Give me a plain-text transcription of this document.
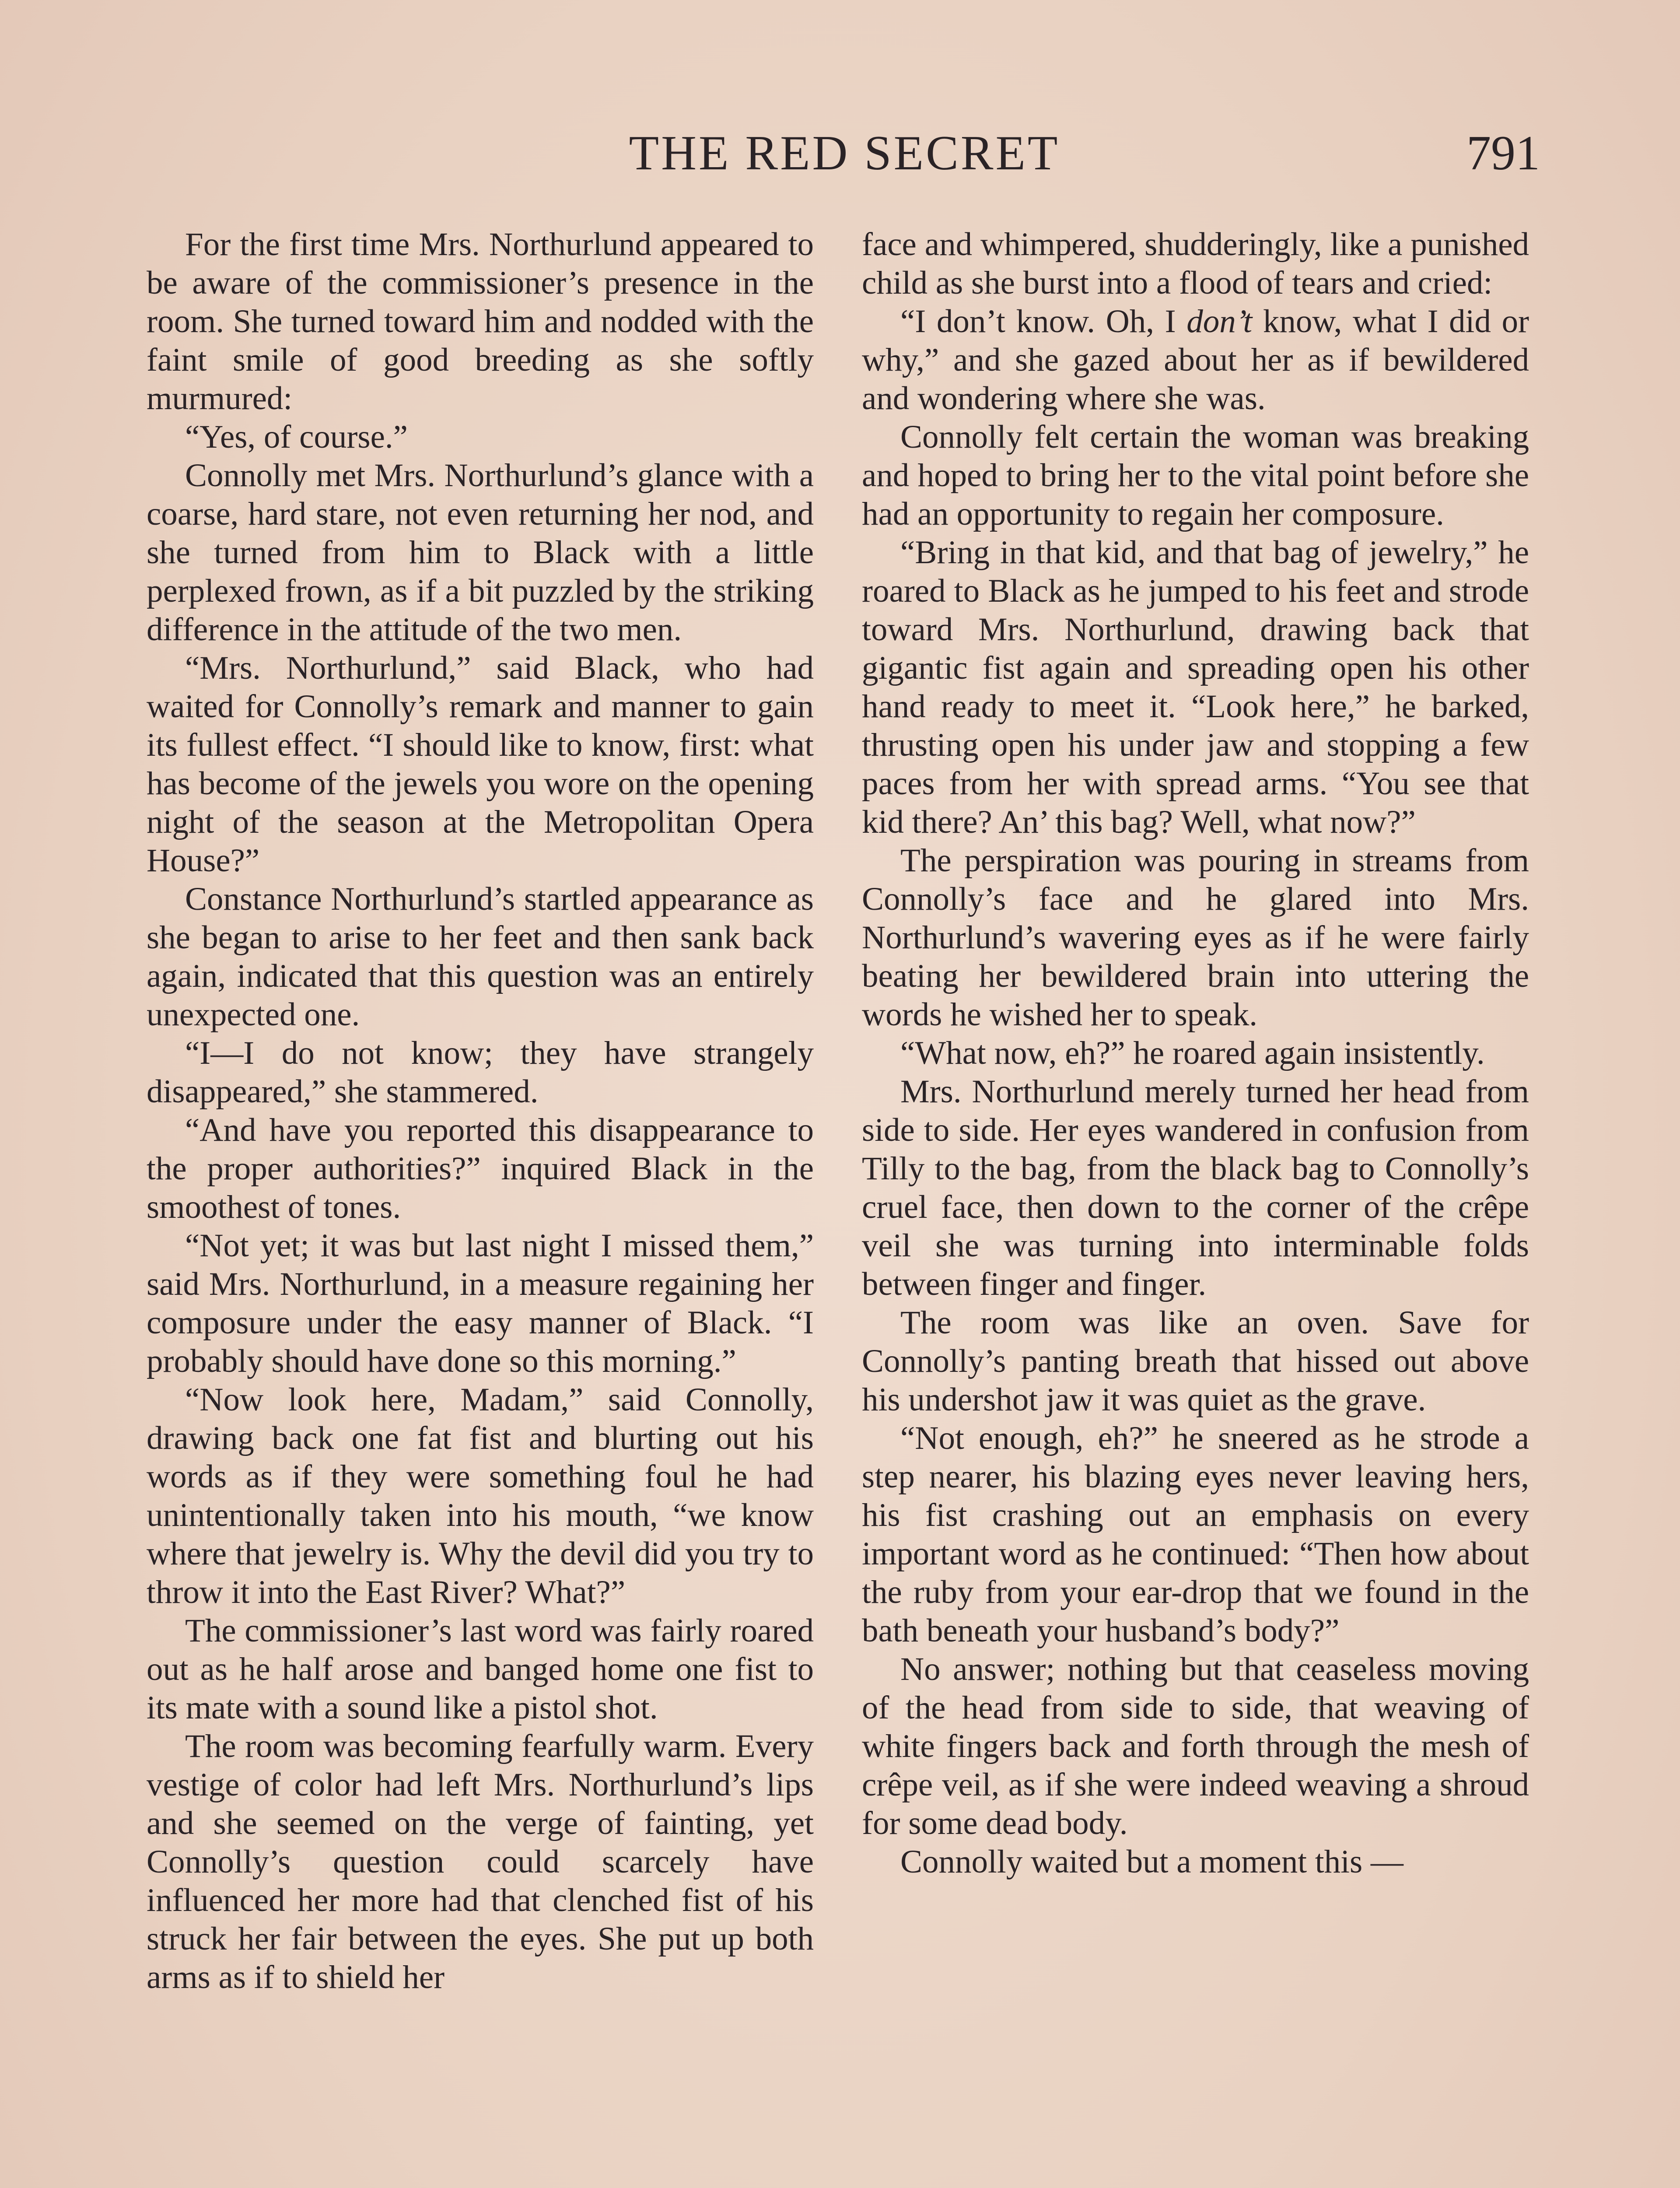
THE RED SECRET	791

For the first time Mrs. Northurlund appeared to be aware of the commissioner’s presence in the room. She turned toward him and nodded with the faint smile of good breeding as she softly murmured:

“Yes, of course.”

Connolly met Mrs. Northurlund’s glance with a coarse, hard stare, not even returning her nod, and she turned from him to Black with a little perplexed frown, as if a bit puzzled by the striking difference in the attitude of the two men.

“Mrs. Northurlund,” said Black, who had waited for Connolly’s remark and manner to gain its fullest effect. “I should like to know, first: what has become of the jewels you wore on the opening night of the season at the Metropolitan Opera House?”

Constance Northurlund’s startled appearance as she began to arise to her feet and then sank back again, indicated that this question was an entirely unexpected one.

“I—I do not know; they have strangely disappeared,” she stammered.

“And have you reported this disappearance to the proper authorities?” inquired Black in the smoothest of tones.

“Not yet; it was but last night I missed them,” said Mrs. Northurlund, in a measure regaining her composure under the easy manner of Black. “I probably should have done so this morning.”

“Now look here, Madam,” said Connolly, drawing back one fat fist and blurting out his words as if they were something foul he had unintentionally taken into his mouth, “we know where that jewelry is. Why the devil did you try to throw it into the East River? What?”

The commissioner’s last word was fairly roared out as he half arose and banged home one fist to its mate with a sound like a pistol shot.

The room was becoming fearfully warm. Every vestige of color had left Mrs. Northurlund’s lips and she seemed on the verge of fainting, yet Connolly’s question could scarcely have influenced her more had that clenched fist of his struck her fair between the eyes. She put up both arms as if to shield her

face and whimpered, shudderingly, like a punished child as she burst into a flood of tears and cried:

“I don’t know. Oh, I don’t know, what I did or why,” and she gazed about her as if bewildered and wondering where she was.

Connolly felt certain the woman was breaking and hoped to bring her to the vital point before she had an opportunity to regain her composure.

“Bring in that kid, and that bag of jewelry,” he roared to Black as he jumped to his feet and strode toward Mrs. Northurlund, drawing back that gigantic fist again and spreading open his other hand ready to meet it. “Look here,” he barked, thrusting open his under jaw and stopping a few paces from her with spread arms. “You see that kid there? An’ this bag? Well, what now?”

The perspiration was pouring in streams from Connolly’s face and he glared into Mrs. Northurlund’s wavering eyes as if he were fairly beating her bewildered brain into uttering the words he wished her to speak.

“What now, eh?” he roared again insistently.

Mrs. Northurlund merely turned her head from side to side. Her eyes wandered in confusion from Tilly to the bag, from the black bag to Connolly’s cruel face, then down to the corner of the crêpe veil she was turning into interminable folds between finger and finger.

The room was like an oven. Save for Connolly’s panting breath that hissed out above his undershot jaw it was quiet as the grave.

“Not enough, eh?” he sneered as he strode a step nearer, his blazing eyes never leaving hers, his fist crashing out an emphasis on every important word as he continued: “Then how about the ruby from your ear-drop that we found in the bath beneath your husband’s body?”

No answer; nothing but that ceaseless moving of the head from side to side, that weaving of white fingers back and forth through the mesh of crêpe veil, as if she were indeed weaving a shroud for some dead body.

Connolly waited but a moment this —
